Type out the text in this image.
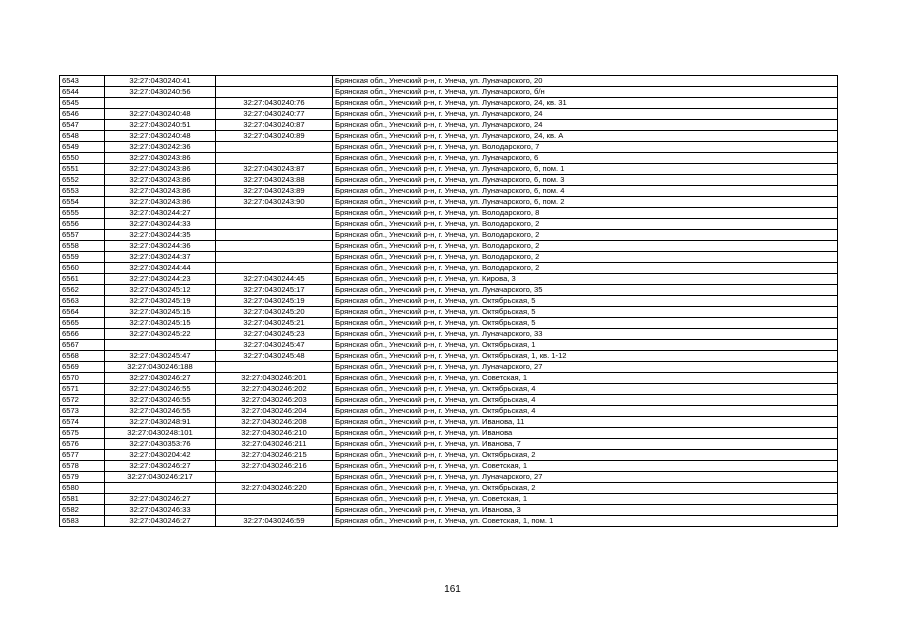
6543	32:27:0430240:41		Брянская обл., Унечский р-н, г. Унеча, ул. Луначарского, 20
6544	32:27:0430240:56		Брянская обл., Унечский р-н, г. Унеча, ул. Луначарского, б/н
6545		32:27:0430240:76	Брянская обл., Унечский р-н, г. Унеча, ул. Луначарского, 24, кв. 31
6546	32:27:0430240:48	32:27:0430240:77	Брянская обл., Унечский р-н, г. Унеча, ул. Луначарского, 24
6547	32:27:0430240:51	32:27:0430240:87	Брянская обл., Унечский р-н, г. Унеча, ул. Луначарского, 24
6548	32:27:0430240:48	32:27:0430240:89	Брянская обл., Унечский р-н, г. Унеча, ул. Луначарского, 24, кв. А
6549	32:27:0430242:36		Брянская обл., Унечский р-н, г. Унеча, ул. Володарского, 7
6550	32:27:0430243:86		Брянская обл., Унечский р-н, г. Унеча, ул. Луначарского, 6
6551	32:27:0430243:86	32:27:0430243:87	Брянская обл., Унечский р-н, г. Унеча, ул. Луначарского, 6, пом. 1
6552	32:27:0430243:86	32:27:0430243:88	Брянская обл., Унечский р-н, г. Унеча, ул. Луначарского, 6, пом. 3
6553	32:27:0430243:86	32:27:0430243:89	Брянская обл., Унечский р-н, г. Унеча, ул. Луначарского, 6, пом. 4
6554	32:27:0430243:86	32:27:0430243:90	Брянская обл., Унечский р-н, г. Унеча, ул. Луначарского, 6, пом. 2
6555	32:27:0430244:27		Брянская обл., Унечский р-н, г. Унеча, ул. Володарского, 8
6556	32:27:0430244:33		Брянская обл., Унечский р-н, г. Унеча, ул. Володарского, 2
6557	32:27:0430244:35		Брянская обл., Унечский р-н, г. Унеча, ул. Володарского, 2
6558	32:27:0430244:36		Брянская обл., Унечский р-н, г. Унеча, ул. Володарского, 2
6559	32:27:0430244:37		Брянская обл., Унечский р-н, г. Унеча, ул. Володарского, 2
6560	32:27:0430244:44		Брянская обл., Унечский р-н, г. Унеча, ул. Володарского, 2
6561	32:27:0430244:23	32:27:0430244:45	Брянская обл., Унечский р-н, г. Унеча, ул. Кирова, 3
6562	32:27:0430245:12	32:27:0430245:17	Брянская обл., Унечский р-н, г. Унеча, ул. Луначарского, 35
6563	32:27:0430245:19	32:27:0430245:19	Брянская обл., Унечский р-н, г. Унеча, ул. Октябрьская, 5
6564	32:27:0430245:15	32:27:0430245:20	Брянская обл., Унечский р-н, г. Унеча, ул. Октябрьская, 5
6565	32:27:0430245:15	32:27:0430245:21	Брянская обл., Унечский р-н, г. Унеча, ул. Октябрьская, 5
6566	32:27:0430245:22	32:27:0430245:23	Брянская обл., Унечский р-н, г. Унеча, ул. Луначарского, 33
6567		32:27:0430245:47	Брянская обл., Унечский р-н, г. Унеча, ул. Октябрьская, 1
6568	32:27:0430245:47	32:27:0430245:48	Брянская обл., Унечский р-н, г. Унеча, ул. Октябрьская, 1, кв. 1-12
6569	32:27:0430246:188		Брянская обл., Унечский р-н, г. Унеча, ул. Луначарского, 27
6570	32:27:0430246:27	32:27:0430246:201	Брянская обл., Унечский р-н, г. Унеча, ул. Советская, 1
6571	32:27:0430246:55	32:27:0430246:202	Брянская обл., Унечский р-н, г. Унеча, ул. Октябрьская, 4
6572	32:27:0430246:55	32:27:0430246:203	Брянская обл., Унечский р-н, г. Унеча, ул. Октябрьская, 4
6573	32:27:0430246:55	32:27:0430246:204	Брянская обл., Унечский р-н, г. Унеча, ул. Октябрьская, 4
6574	32:27:0430248:91	32:27:0430246:208	Брянская обл., Унечский р-н, г. Унеча, ул. Иванова, 11
6575	32:27:0430248:101	32:27:0430246:210	Брянская обл., Унечский р-н, г. Унеча, ул. Иванова
6576	32:27:0430353:76	32:27:0430246:211	Брянская обл., Унечский р-н, г. Унеча, ул. Иванова, 7
6577	32:27:0430204:42	32:27:0430246:215	Брянская обл., Унечский р-н, г. Унеча, ул. Октябрьская, 2
6578	32:27:0430246:27	32:27:0430246:216	Брянская обл., Унечский р-н, г. Унеча, ул. Советская, 1
6579	32:27:0430246:217		Брянская обл., Унечский р-н, г. Унеча, ул. Луначарского, 27
6580		32:27:0430246:220	Брянская обл., Унечский р-н, г. Унеча, ул. Октябрьская, 2
6581	32:27:0430246:27		Брянская обл., Унечский р-н, г. Унеча, ул. Советская, 1
6582	32:27:0430246:33		Брянская обл., Унечский р-н, г. Унеча, ул. Иванова, 3
6583	32:27:0430246:27	32:27:0430246:59	Брянская обл., Унечский р-н, г. Унеча, ул. Советская, 1, пом. 1
161
